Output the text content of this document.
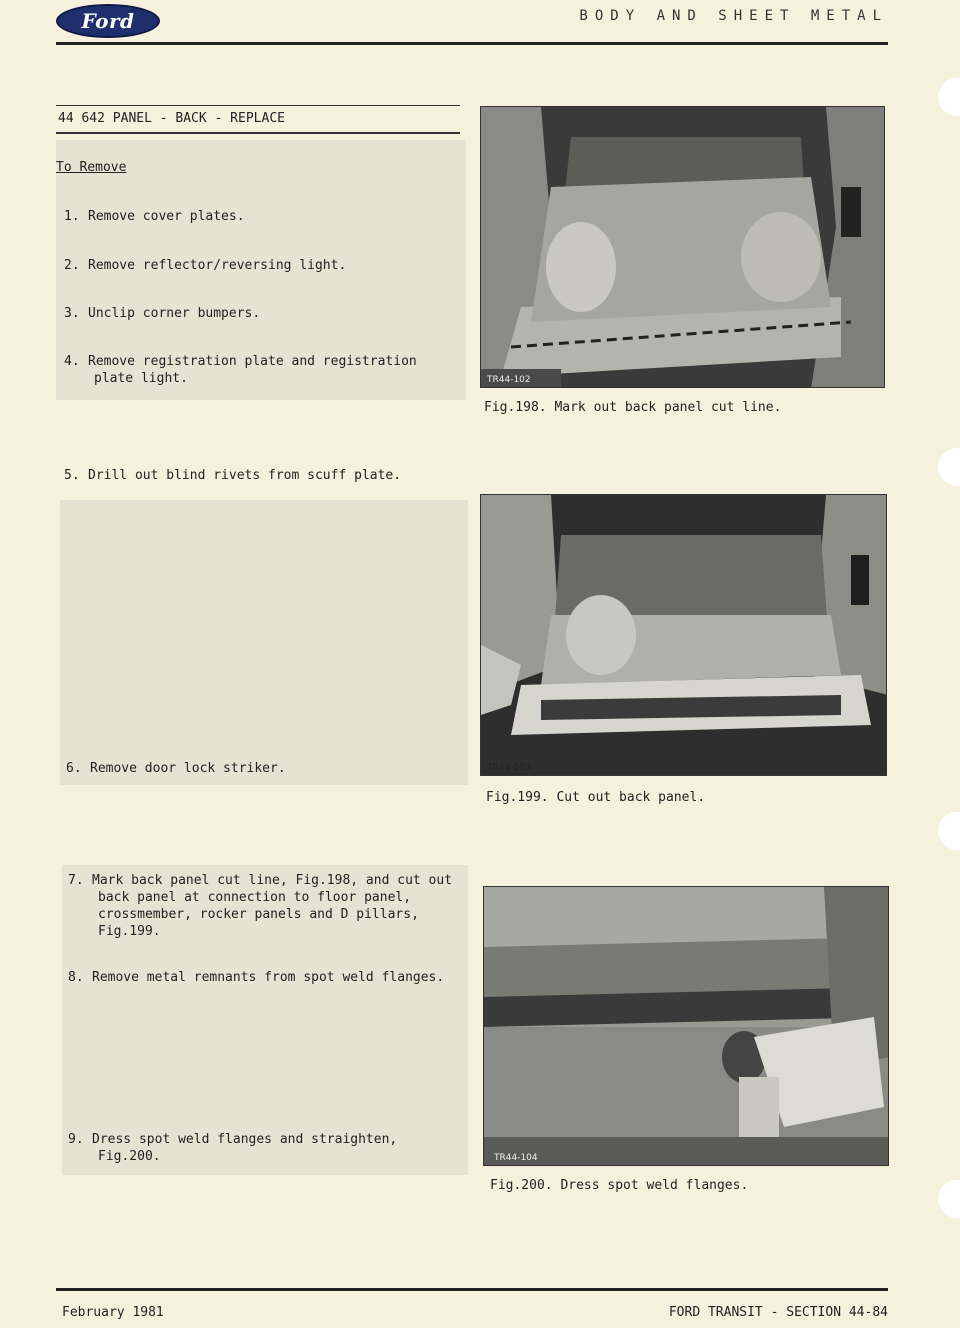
Ford	BODY AND SHEET METAL
44 642 PANEL - BACK - REPLACE
To Remove
1. Remove cover plates.
2. Remove reflector/reversing light.
3. Unclip corner bumpers.
4. Remove registration plate and registration
plate light.
5. Drill out blind rivets from scuff plate.
6. Remove door lock striker.
7. Mark back panel cut line, Fig.198, and cut out
back panel at connection to floor panel,
crossmember, rocker panels and D pillars,
Fig.199.
8. Remove metal remnants from spot weld flanges.
9. Dress spot weld flanges and straighten,
Fig.200.
TR44-102
Fig.198. Mark out back panel cut line.
TR44-103
Fig.199. Cut out back panel.
TR44-104
Fig.200. Dress spot weld flanges.
February 1981	FORD TRANSIT - SECTION 44-84
